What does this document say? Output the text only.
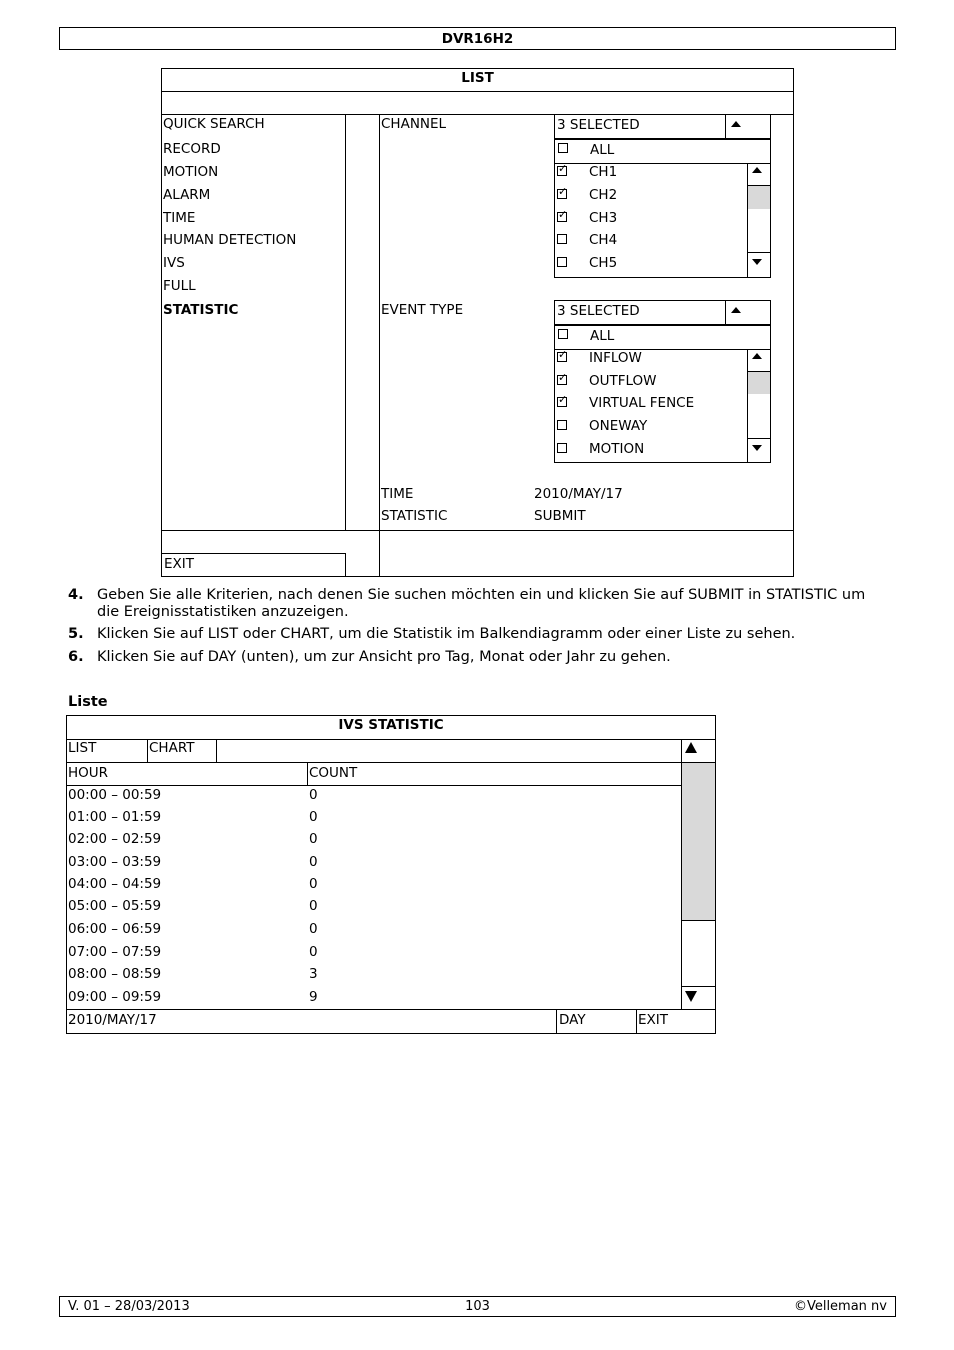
DVR16H2
LIST
QUICK SEARCH
RECORD
MOTION
ALARM
TIME
HUMAN DETECTION
IVS
FULL
STATISTIC
EXIT
CHANNEL	3 SELECTED
ALL
✓
CH1
✓
CH2
✓
CH3
CH4
CH5
EVENT TYPE	3 SELECTED
ALL
✓
INFLOW
✓
OUTFLOW
✓
VIRTUAL FENCE
ONEWAY
MOTION
TIME	2010/MAY/17
STATISTIC	SUBMIT
4. Geben Sie alle Kriterien, nach denen Sie suchen möchten ein und klicken Sie auf SUBMIT in STATISTIC um
die Ereignisstatistiken anzuzeigen.
5. Klicken Sie auf LIST oder CHART, um die Statistik im Balkendiagramm oder einer Liste zu sehen.
6. Klicken Sie auf DAY (unten), um zur Ansicht pro Tag, Monat oder Jahr zu gehen.
Liste
IVS STATISTIC
LIST	CHART
HOUR	COUNT
00:00 – 00:59	0
01:00 – 01:59	0
02:00 – 02:59	0
03:00 – 03:59	0
04:00 – 04:59	0
05:00 – 05:59	0
06:00 – 06:59	0
07:00 – 07:59	0
08:00 – 08:59	3
09:00 – 09:59	9
2010/MAY/17	DAY	EXIT
V. 01 – 28/03/2013	103	©Velleman nv
